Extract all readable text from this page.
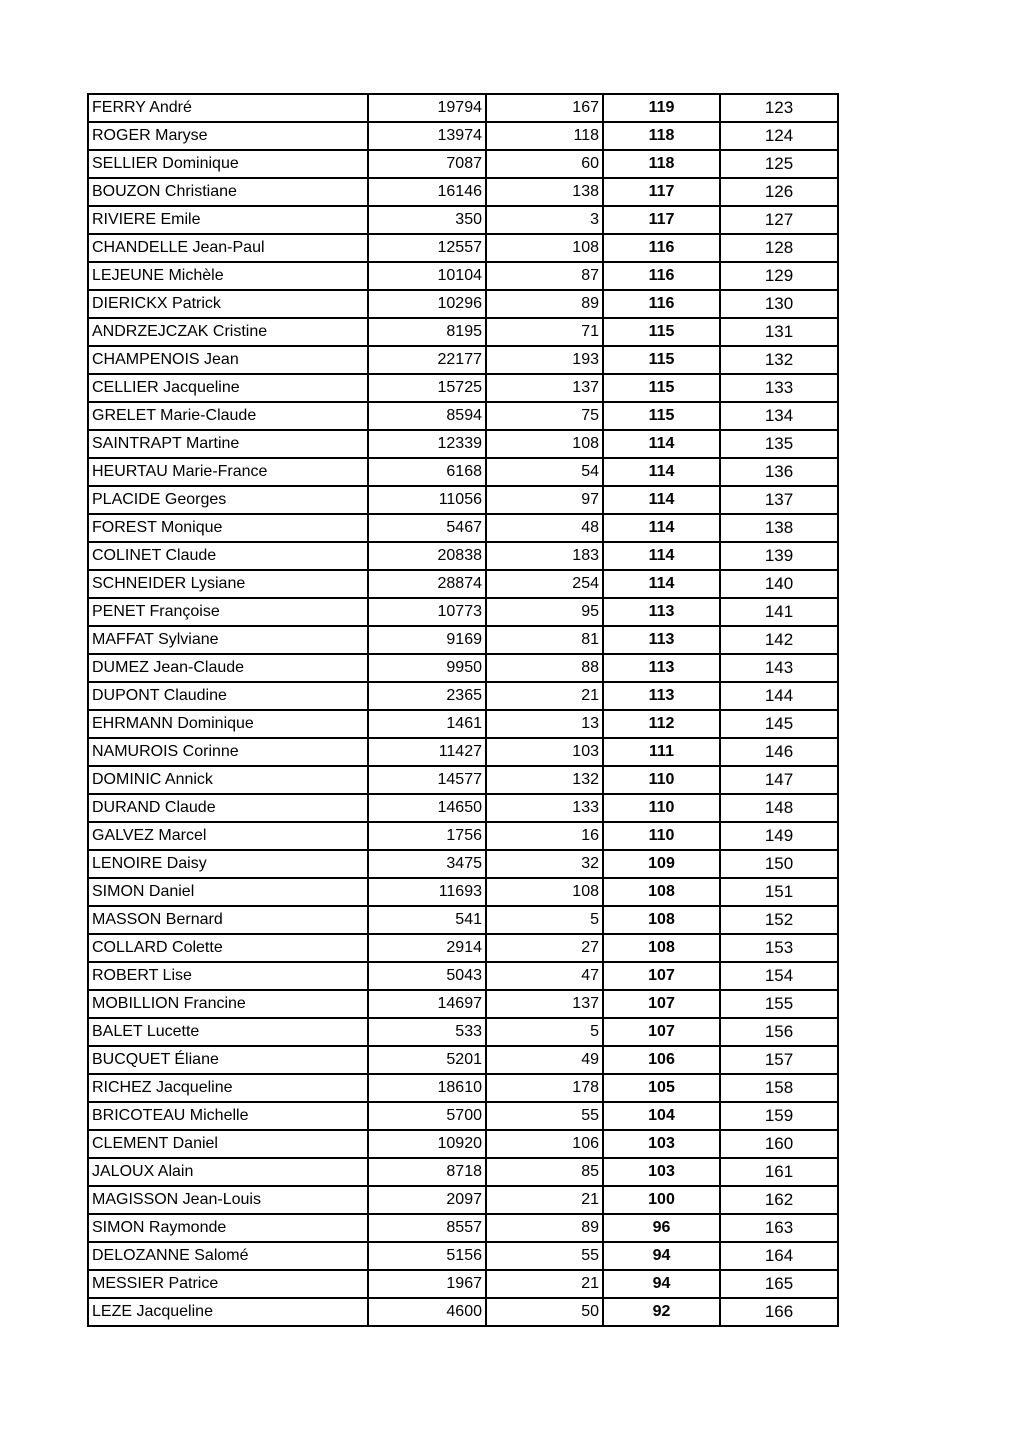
FERRY André	19794	167	119	123
ROGER Maryse	13974	118	118	124
SELLIER Dominique	7087	60	118	125
BOUZON Christiane	16146	138	117	126
RIVIERE Emile	350	3	117	127
CHANDELLE Jean-Paul	12557	108	116	128
LEJEUNE Michèle	10104	87	116	129
DIERICKX Patrick	10296	89	116	130
ANDRZEJCZAK Cristine	8195	71	115	131
CHAMPENOIS Jean	22177	193	115	132
CELLIER Jacqueline	15725	137	115	133
GRELET Marie-Claude	8594	75	115	134
SAINTRAPT Martine	12339	108	114	135
HEURTAU Marie-France	6168	54	114	136
PLACIDE Georges	11056	97	114	137
FOREST Monique	5467	48	114	138
COLINET Claude	20838	183	114	139
SCHNEIDER Lysiane	28874	254	114	140
PENET Françoise	10773	95	113	141
MAFFAT Sylviane	9169	81	113	142
DUMEZ Jean-Claude	9950	88	113	143
DUPONT Claudine	2365	21	113	144
EHRMANN Dominique	1461	13	112	145
NAMUROIS Corinne	11427	103	111	146
DOMINIC Annick	14577	132	110	147
DURAND Claude	14650	133	110	148
GALVEZ Marcel	1756	16	110	149
LENOIRE Daisy	3475	32	109	150
SIMON Daniel	11693	108	108	151
MASSON Bernard	541	5	108	152
COLLARD Colette	2914	27	108	153
ROBERT Lise	5043	47	107	154
MOBILLION Francine	14697	137	107	155
BALET Lucette	533	5	107	156
BUCQUET Éliane	5201	49	106	157
RICHEZ Jacqueline	18610	178	105	158
BRICOTEAU Michelle	5700	55	104	159
CLEMENT Daniel	10920	106	103	160
JALOUX Alain	8718	85	103	161
MAGISSON Jean-Louis	2097	21	100	162
SIMON Raymonde	8557	89	96	163
DELOZANNE Salomé	5156	55	94	164
MESSIER Patrice	1967	21	94	165
LEZE Jacqueline	4600	50	92	166
